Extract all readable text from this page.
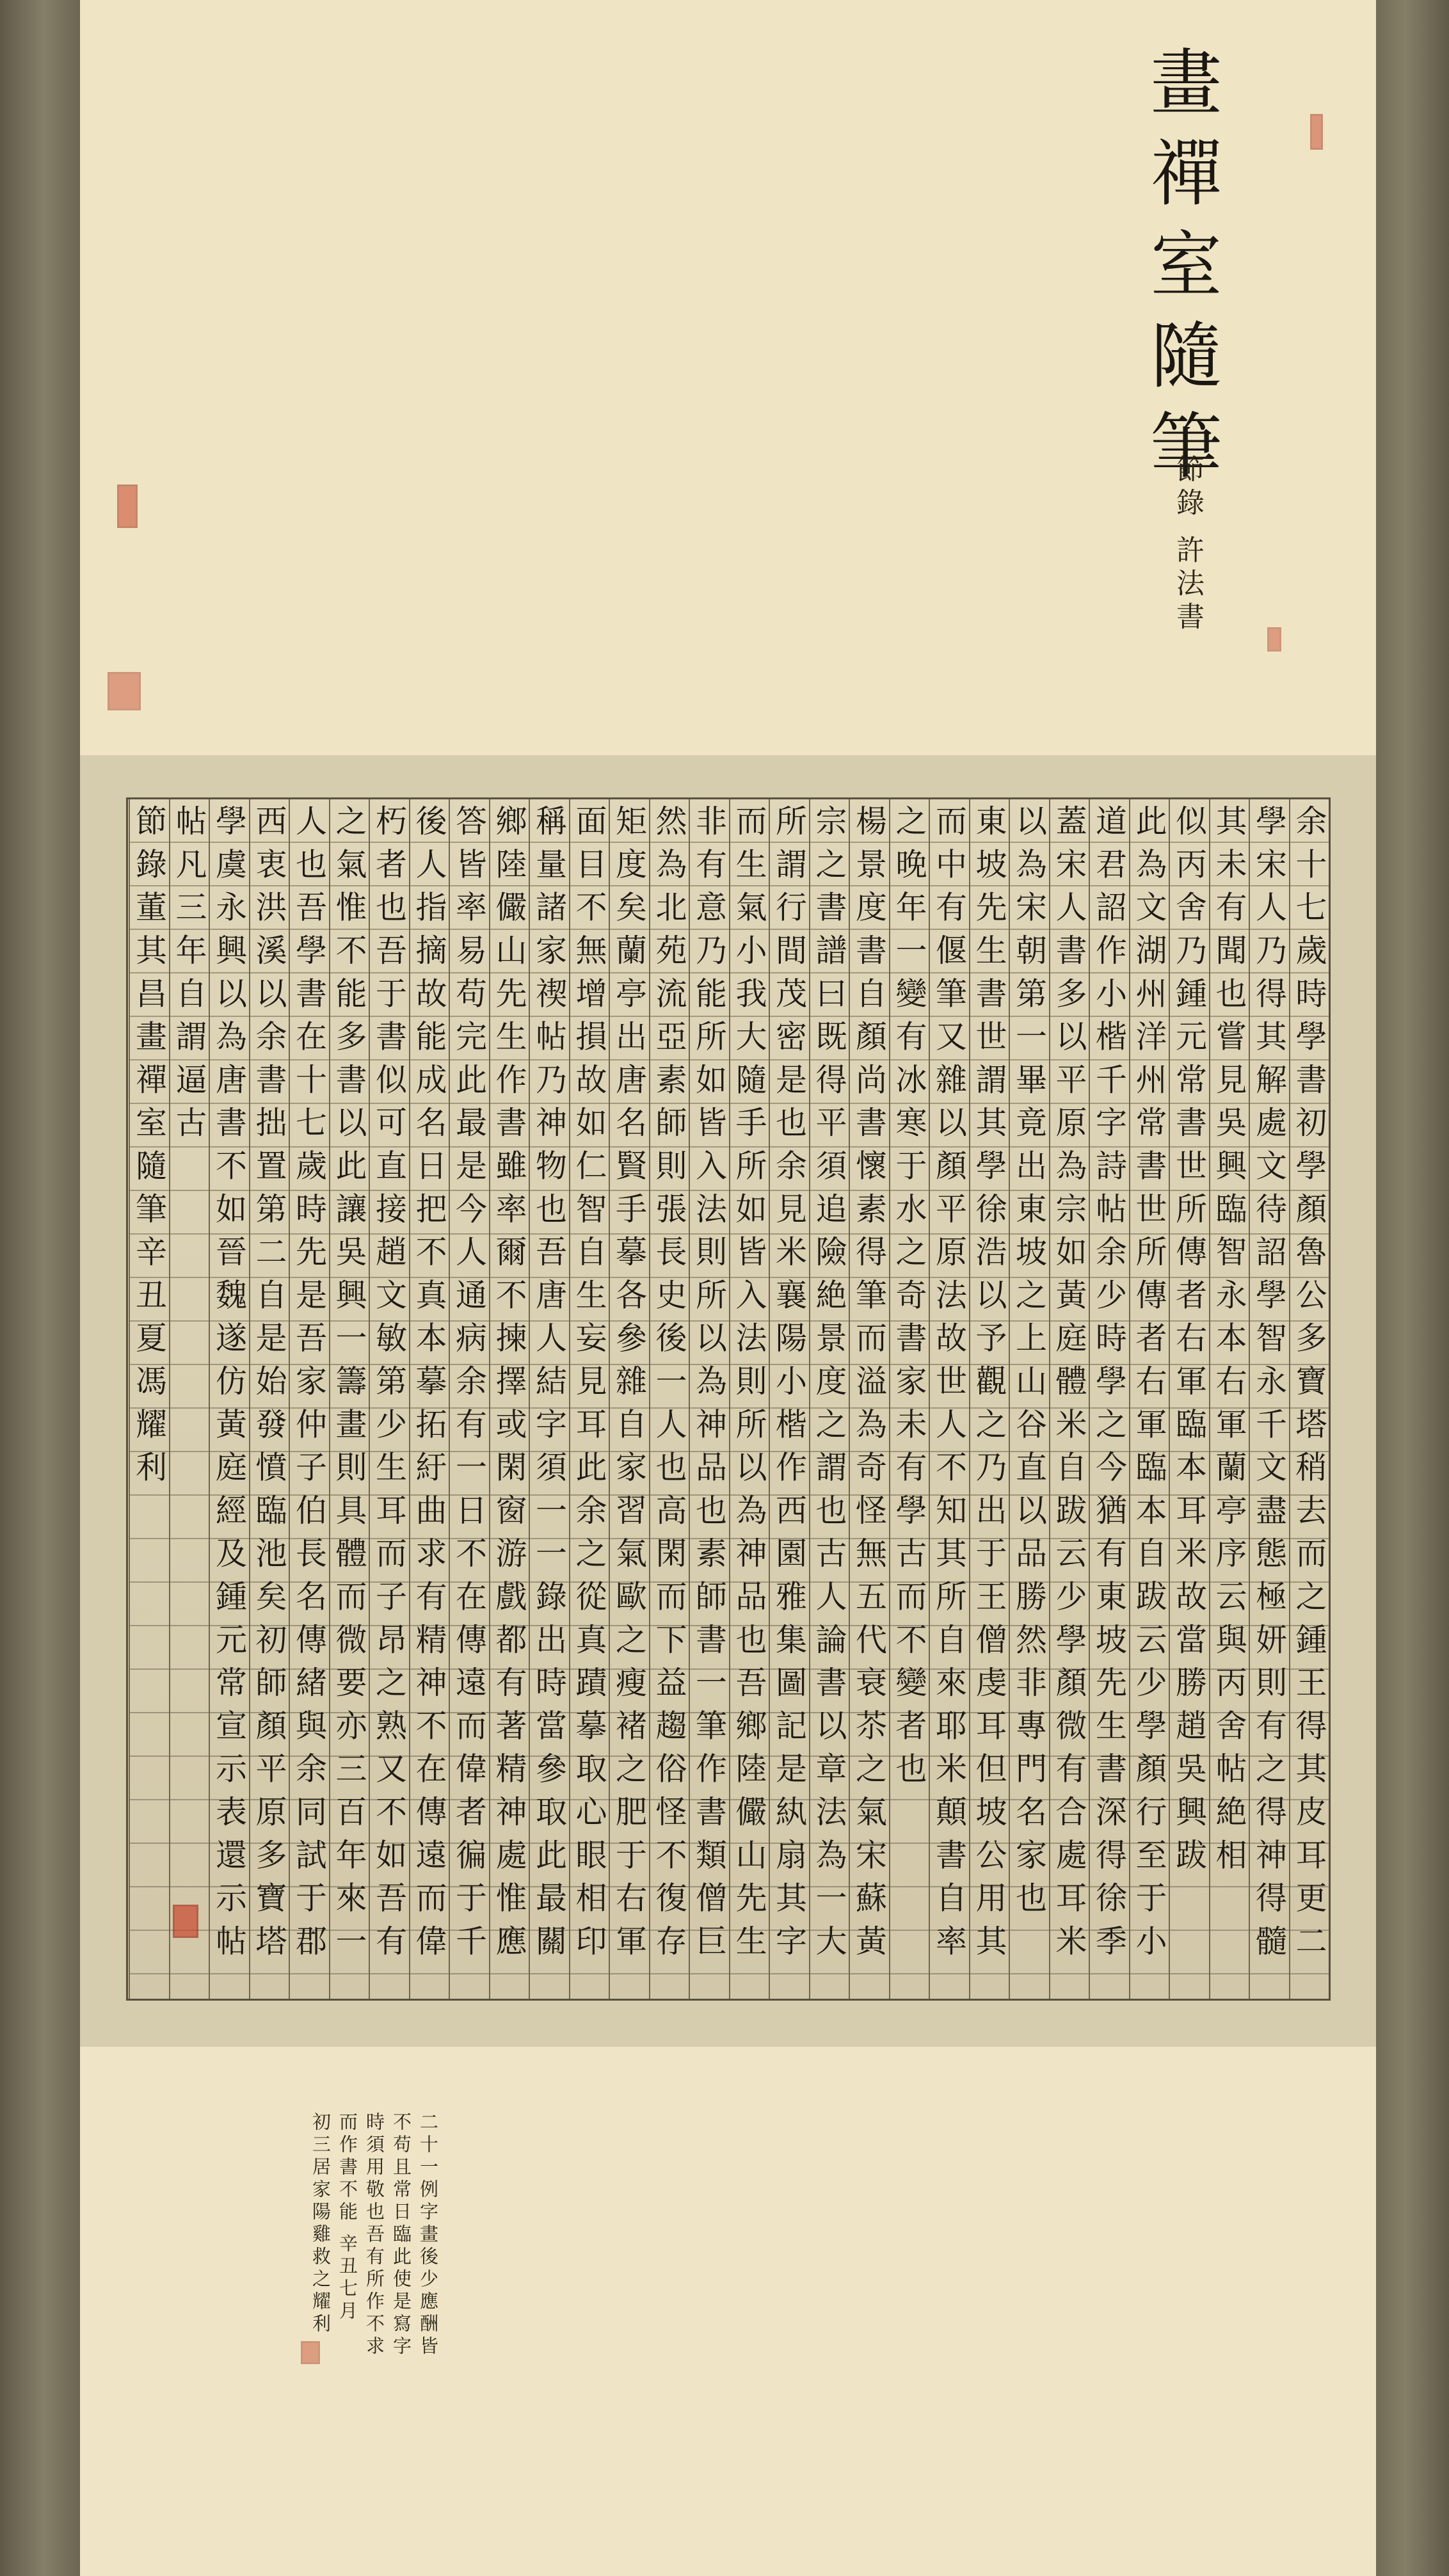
余十七歲時學書初學顏魯公多寶塔稍去而之鍾王得其皮耳更二
學宋人乃得其解處文待詔學智永千文盡態極妍則有之得神得髓
其未有聞也嘗見吳興臨智永本右軍蘭亭序云與丙舍帖絶相
似丙舍乃鍾元常書世所傳者右軍臨本耳米故當勝趙吳興跋
此為文湖州洋州常書世所傳者右軍臨本自跋云少學顏行至于小
道君詔作小楷千字詩帖余少時學之今猶有東坡先生書深得徐季
蓋宋人書多以平原為宗如黃庭體米自跋云少學顏微有合處耳米
以為宋朝第一畢竟出東坡之上山谷直以品勝然非專門名家也
東坡先生書世謂其學徐浩以予觀之乃出于王僧虔耳但坡公用其
而中有偃筆又雜以顏平原法故世人不知其所自來耶米顛書自率
之晚年一變有冰寒于水之奇書家未有學古而不變者也
楊景度書自顏尚書懷素得筆而溢為奇怪無五代衰苶之氣宋蘇黃
宗之書譜曰既得平須追險絶景度之謂也古人論書以章法為一大
所謂行間茂密是也余見米襄陽小楷作西園雅集圖記是紈扇其字
而生氣小我大隨手所如皆入法則所以為神品也吾鄉陸儼山先生
非有意乃能所如皆入法則所以為神品也素師書一筆作書類僧巨
然為北苑流亞素師則張長史後一人也高閑而下益趨俗怪不復存
矩度矣蘭亭出唐名賢手摹各參雜自家習氣歐之瘦褚之肥于右軍
面目不無增損故如仁智自生妄見耳此余之從真蹟摹取心眼相印
稱量諸家禊帖乃神物也吾唐人結字須一一錄出時當參取此最關
鄉陸儼山先生作書雖率爾不揀擇或閑窗游戲都有著精神處惟應
答皆率易苟完此最是今人通病余有一日不在傳遠而偉者徧于千
後人指摘故能成名日把不真本摹拓紆曲求有精神不在傳遠而偉
朽者也吾于書似可直接趙文敏第少生耳而子昂之熟又不如吾有
之氣惟不能多書以此讓吳興一籌畫則具體而微要亦三百年來一
人也吾學書在十七歲時先是吾家仲子伯長名傳緒與余同試于郡
西衷洪溪以余書拙置第二自是始發憤臨池矣初師顏平原多寶塔
學虞永興以為唐書不如晉魏遂仿黃庭經及鍾元常宣示表還示帖
帖凡三年自謂逼古
節錄董其昌畫禪室隨筆辛丑夏馮耀利
畫禪室隨筆
節錄 許法書
二十一例字畫後少應酬皆
不苟且常日臨此使是寫字
時須用敬也吾有所作不求
而作書不能 辛丑七月
初三居家陽雞救之耀利
